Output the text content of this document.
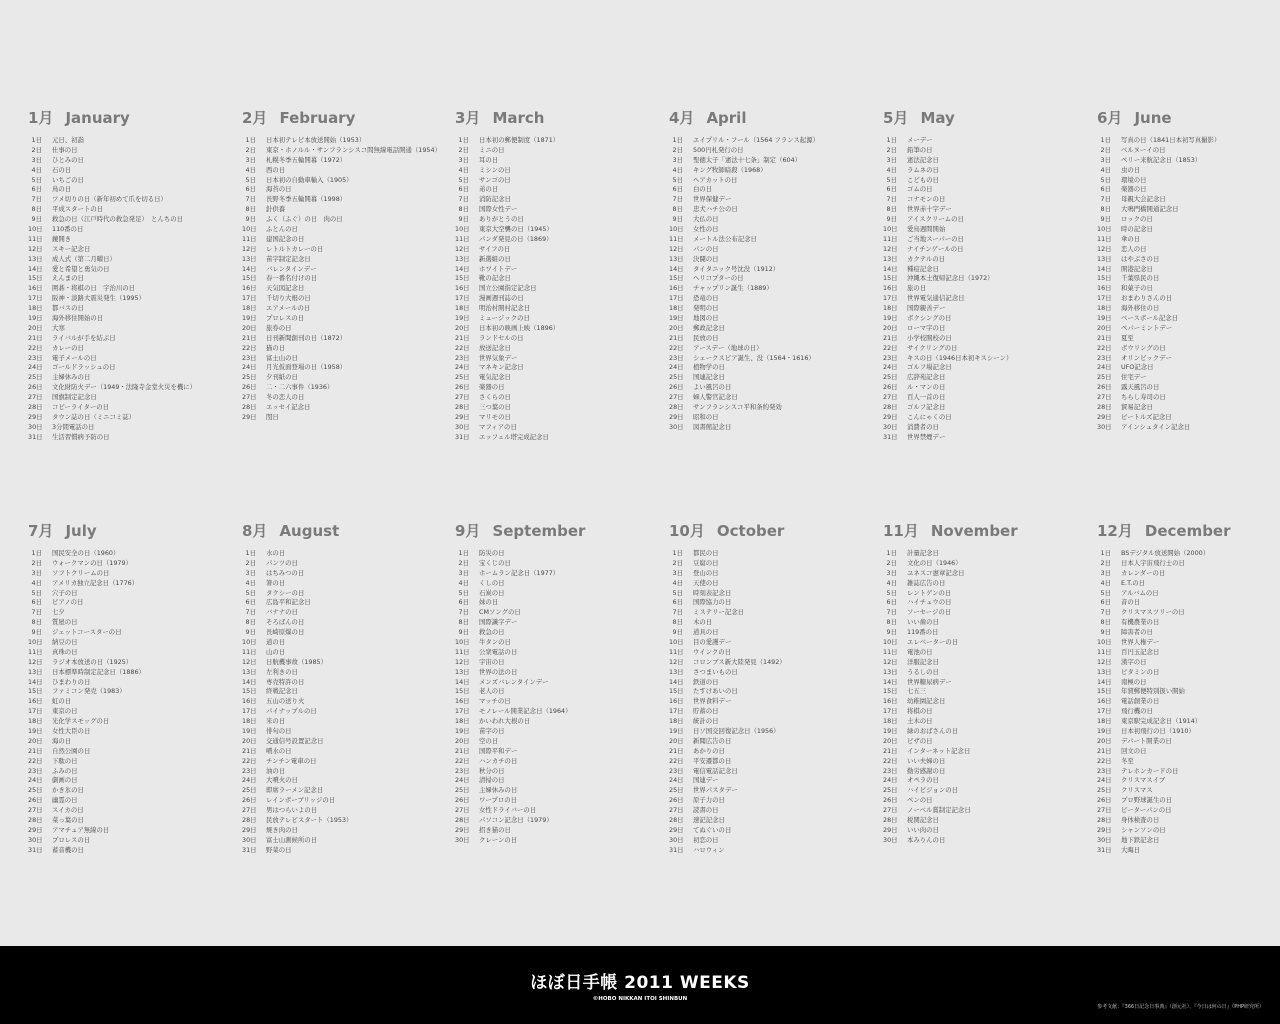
1月 January
1日 元日、初詣
2日 仕事の日
3日 ひとみの日
4日 石の日
5日 いちごの日
6日 鳥の日
7日 ツメ切りの日（新年初めて爪を切る日）
8日 平成スタートの日
9日 救急の日（江戸時代の救急発足）　とんちの日
10日 110番の日
11日 鏡開き
12日 スキー記念日
13日 成人式（第二月曜日）
14日 愛と希望と勇気の日
15日 えんまの日
16日 囲碁・将棋の日　宇治川の日
17日 阪神・淡路大震災発生（1995）
18日 都バスの日
19日 海外移住開始の日
20日 大寒
21日 ライバルが手を結ぶ日
22日 カレーの日
23日 電子メールの日
24日 ゴールドラッシュの日
25日 主婦休みの日
26日 文化財防火デー（1949・法隆寺金堂火災を機に）
27日 国旗制定記念日
28日 コピーライターの日
29日 タウン誌の日（ミニコミ誌）
30日 3分間電話の日
31日 生活習慣病予防の日
2月 February
1日 日本初テレビ本放送開始（1953）
2日 東京・ホノルル・サンフランシスコ間無線電話開通（1954）
3日 札幌冬季五輪開幕（1972）
4日 西の日
5日 日本初の自動車輸入（1905）
6日 海苔の日
7日 長野冬季五輪開幕（1998）
8日 針供養
9日 ふく（ふぐ）の日　肉の日
10日 ふとんの日
11日 建国記念の日
12日 レトルトカレーの日
13日 苗字制定記念日
14日 バレンタインデー
15日 春一番名付けの日
16日 天気図記念日
17日 千切り大根の日
18日 エアメールの日
19日 プロレスの日
20日 旅券の日
21日 日刊新聞創刊の日（1872）
22日 猫の日
23日 富士山の日
24日 月光仮面登場の日（1958）
25日 夕刊紙の日
26日 二・二六事件（1936）
27日 冬の恋人の日
28日 エッセイ記念日
29日 閏日
3月 March
1日 日本初の郵便制度（1871）
2日 ミニの日
3日 耳の日
4日 ミシンの日
5日 サンゴの日
6日 弟の日
7日 消防記念日
8日 国際女性デー
9日 ありがとうの日
10日 東京大空襲の日（1945）
11日 パンダ発見の日（1869）
12日 サイフの日
13日 新選組の日
14日 ホワイトデー
15日 靴の記念日
16日 国立公園指定記念日
17日 漫画週刊誌の日
18日 明治村開村記念日
19日 ミュージックの日
20日 日本初の映画上映（1896）
21日 ランドセルの日
22日 放送記念日
23日 世界気象デー
24日 マネキン記念日
25日 電気記念日
26日 楽器の日
27日 さくらの日
28日 三つ葉の日
29日 マリモの日
30日 マフィアの日
31日 エッフェル塔完成記念日
4月 April
1日 エイプリル・フール（1564 フランス起源）
2日 500円札発行の日
3日 聖徳太子「憲法十七条」制定（604）
4日 キング牧師暗殺（1968）
5日 ヘアカットの日
6日 白の日
7日 世界保健デー
8日 忠犬ハチ公の日
9日 大仏の日
10日 女性の日
11日 メートル法公布記念日
12日 パンの日
13日 決闘の日
14日 タイタニック号沈没（1912）
15日 ヘリコプターの日
16日 チャップリン誕生（1889）
17日 恐竜の日
18日 発明の日
19日 地図の日
20日 郵政記念日
21日 民放の日
22日 アースデー（地球の日）
23日 シェークスピア誕生、没（1564・1616）
24日 植物学の日
25日 国連記念日
26日 よい風呂の日
27日 婦人警官記念日
28日 サンフランシスコ平和条約発効
29日 昭和の日
30日 図書館記念日
5月 May
1日 メーデー
2日 鉛筆の日
3日 憲法記念日
4日 ラムネの日
5日 こどもの日
6日 ゴムの日
7日 コナモンの日
8日 世界赤十字デー
9日 アイスクリームの日
10日 愛鳥週間開始
11日 ご当地スーパーの日
12日 ナイチンゲールの日
13日 カクテルの日
14日 種痘記念日
15日 沖縄本土復帰記念日（1972）
16日 旅の日
17日 世界電気通信記念日
18日 国際親善デー
19日 ボクシングの日
20日 ローマ字の日
21日 小学校開校の日
22日 サイクリングの日
23日 キスの日（1946日本初キスシーン）
24日 ゴルフ場記念日
25日 広辞苑記念日
26日 ル・マンの日
27日 百人一首の日
28日 ゴルフ記念日
29日 こんにゃくの日
30日 消費者の日
31日 世界禁煙デー
6月 June
1日 写真の日（1841日本初写真撮影）
2日 ベルヌーイの日
3日 ペリー来航記念日（1853）
4日 虫の日
5日 環境の日
6日 楽器の日
7日 母親大会記念日
8日 大鳴門橋開通記念日
9日 ロックの日
10日 時の記念日
11日 傘の日
12日 恋人の日
13日 はやぶさの日
14日 開港記念日
15日 千葉県民の日
16日 和菓子の日
17日 おまわりさんの日
18日 海外移住の日
19日 ベースボール記念日
20日 ペパーミントデー
21日 夏至
22日 ボウリングの日
23日 オリンピックデー
24日 UFO記念日
25日 住宅デー
26日 露天風呂の日
27日 ちらし寿司の日
28日 貿易記念日
29日 ビートルズ記念日
30日 アインシュタイン記念日
7月 July
1日 国民安全の日（1960）
2日 ウォークマンの日（1979）
3日 ソフトクリームの日
4日 アメリカ独立記念日（1776）
5日 穴子の日
6日 ピアノの日
7日 七夕
8日 質屋の日
9日 ジェットコースターの日
10日 納豆の日
11日 真珠の日
12日 ラジオ本放送の日（1925）
13日 日本標準時制定記念日（1886）
14日 ひまわりの日
15日 ファミコン発売（1983）
16日 虹の日
17日 東京の日
18日 光化学スモッグの日
19日 女性大臣の日
20日 海の日
21日 自然公園の日
22日 下駄の日
23日 ふみの日
24日 劇画の日
25日 かき氷の日
26日 幽霊の日
27日 スイカの日
28日 菜っ葉の日
29日 アマチュア無線の日
30日 プロレスの日
31日 蓄音機の日
8月 August
1日 水の日
2日 パンツの日
3日 はちみつの日
4日 箸の日
5日 タクシーの日
6日 広島平和記念日
7日 バナナの日
8日 そろばんの日
9日 長崎原爆の日
10日 道の日
11日 山の日
12日 日航機事故（1985）
13日 左利きの日
14日 専売特許の日
15日 終戦記念日
16日 五山の送り火
17日 パイナップルの日
18日 米の日
19日 俳句の日
20日 交通信号設置記念日
21日 噴水の日
22日 チンチン電車の日
23日 油の日
24日 大噴火の日
25日 即席ラーメン記念日
26日 レインボーブリッジの日
27日 男はつらいよの日
28日 民放テレビスタート（1953）
29日 焼き肉の日
30日 富士山測候所の日
31日 野菜の日
9月 September
1日 防災の日
2日 宝くじの日
3日 ホームラン記念日（1977）
4日 くしの日
5日 石炭の日
6日 妹の日
7日 CMソングの日
8日 国際識字デー
9日 救急の日
10日 牛タンの日
11日 公衆電話の日
12日 宇宙の日
13日 世界の法の日
14日 メンズバレンタインデー
15日 老人の日
16日 マッチの日
17日 モノレール開業記念日（1964）
18日 かいわれ大根の日
19日 苗字の日
20日 空の日
21日 国際平和デー
22日 ハンカチの日
23日 秋分の日
24日 清掃の日
25日 主婦休みの日
26日 ワープロの日
27日 女性ドライバーの日
28日 パソコン記念日（1979）
29日 招き猫の日
30日 クレーンの日
10月 October
1日 都民の日
2日 豆腐の日
3日 登山の日
4日 天使の日
5日 時刻表記念日
6日 国際協力の日
7日 ミステリー記念日
8日 木の日
9日 道具の日
10日 目の愛護デー
11日 ウインクの日
12日 コロンブス新大陸発見（1492）
13日 さつまいもの日
14日 鉄道の日
15日 たすけあいの日
16日 世界食料デー
17日 貯蓄の日
18日 統計の日
19日 日ソ国交回復記念日（1956）
20日 新聞広告の日
21日 あかりの日
22日 平安遷都の日
23日 電信電話記念日
24日 国連デー
25日 世界パスタデー
26日 原子力の日
27日 読書の日
28日 速記記念日
29日 てぬぐいの日
30日 初恋の日
31日 ハロウィン
11月 November
1日 計量記念日
2日 文化の日（1946）
3日 ユネスコ憲章記念日
4日 雑誌広告の日
5日 レントゲンの日
6日 ハイチュウの日
7日 ソーセージの日
8日 いい歯の日
9日 119番の日
10日 エレベーターの日
11日 電池の日
12日 洋服記念日
13日 うるしの日
14日 世界糖尿病デー
15日 七五三
16日 幼稚園記念日
17日 将棋の日
18日 土木の日
19日 緑のおばさんの日
20日 ピザの日
21日 インターネット記念日
22日 いい夫婦の日
23日 勤労感謝の日
24日 オペラの日
25日 ハイビジョンの日
26日 ペンの日
27日 ノーベル賞制定記念日
28日 税関記念日
29日 いい肉の日
30日 本みりんの日
12月 December
1日 BSデジタル放送開始（2000）
2日 日本人宇宙飛行士の日
3日 カレンダーの日
4日 E.T.の日
5日 アルバムの日
6日 音の日
7日 クリスマスツリーの日
8日 有機農業の日
9日 障害者の日
10日 世界人権デー
11日 百円玉記念日
12日 漢字の日
13日 ビタミンの日
14日 南極の日
15日 年賀郵便特別扱い開始
16日 電話創業の日
17日 飛行機の日
18日 東京駅完成記念日（1914）
19日 日本初飛行の日（1910）
20日 デパート開業の日
21日 回文の日
22日 冬至
23日 テレホンカードの日
24日 クリスマスイブ
25日 クリスマス
26日 プロ野球誕生の日
27日 ピーターパンの日
28日 身体検査の日
29日 シャンソンの日
30日 地下鉄記念日
31日 大晦日
ほぼ日手帳 2011 WEEKS
©HOBO NIKKAN ITOI SHINBUN
参考文献：『366日記念日事典』（創元社）、『今日は何の日』（PHP研究所）
